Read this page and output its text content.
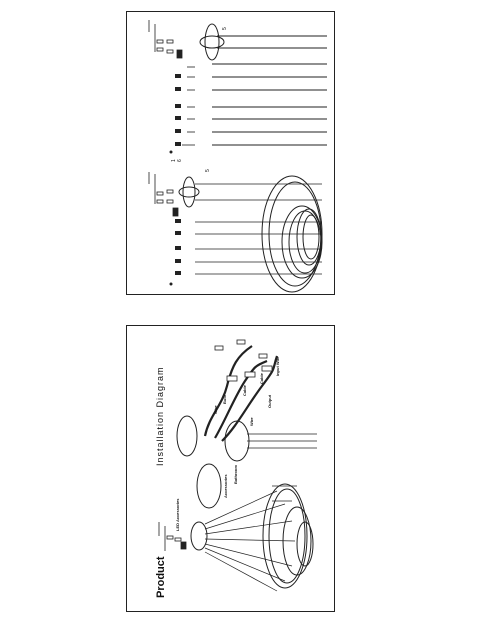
1 6
5
5
Product
Installation Diagram
LED Accessories
Accessories Bathroom
Wire
Wire
Bulb
Cable
Cable
Input Wire
Output
